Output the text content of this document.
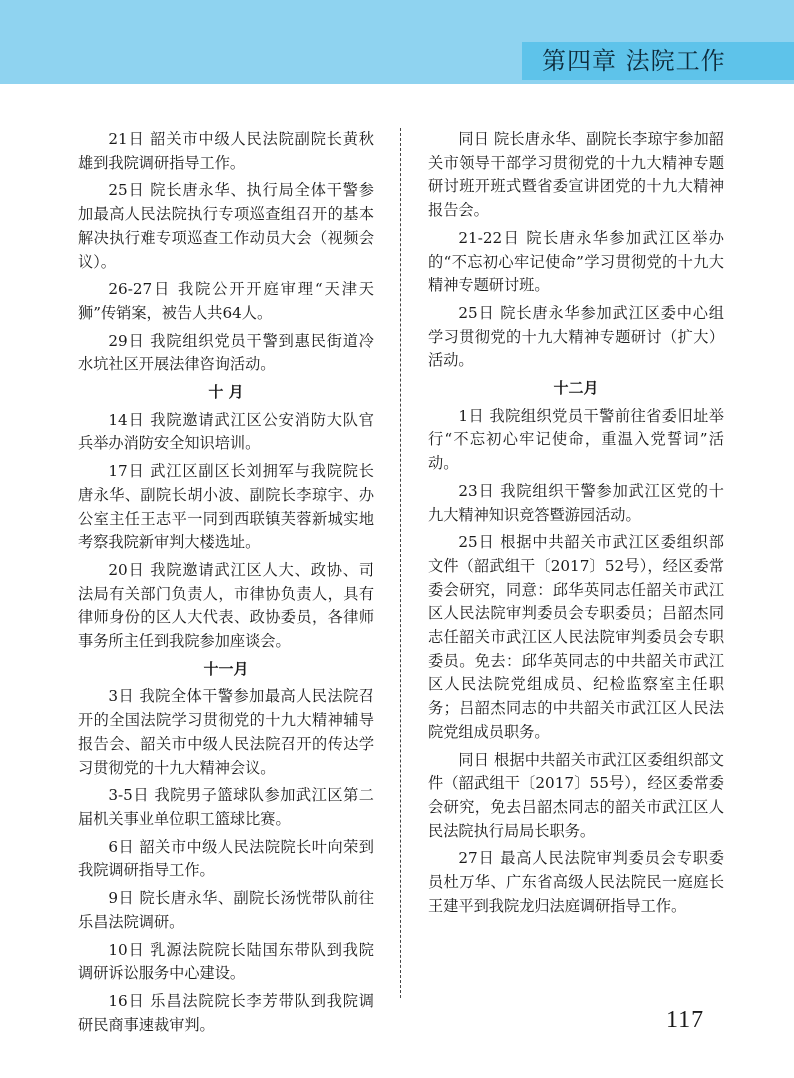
第四章 法院工作

21日 韶关市中级人民法院副院长黄秋雄到我院调研指导工作。

25日 院长唐永华、执行局全体干警参加最高人民法院执行专项巡查组召开的基本解决执行难专项巡查工作动员大会（视频会议）。

26-27日 我院公开开庭审理“天津天狮”传销案，被告人共64人。

29日 我院组织党员干警到惠民街道冷水坑社区开展法律咨询活动。

十 月

14日 我院邀请武江区公安消防大队官兵举办消防安全知识培训。

17日 武江区副区长刘拥军与我院院长唐永华、副院长胡小波、副院长李琼宇、办公室主任王志平一同到西联镇芙蓉新城实地考察我院新审判大楼选址。

20日 我院邀请武江区人大、政协、司法局有关部门负责人，市律协负责人，具有律师身份的区人大代表、政协委员，各律师事务所主任到我院参加座谈会。

十一月

3日 我院全体干警参加最高人民法院召开的全国法院学习贯彻党的十九大精神辅导报告会、韶关市中级人民法院召开的传达学习贯彻党的十九大精神会议。

3-5日 我院男子篮球队参加武江区第二届机关事业单位职工篮球比赛。

6日 韶关市中级人民法院院长叶向荣到我院调研指导工作。

9日 院长唐永华、副院长汤恍带队前往乐昌法院调研。

10日 乳源法院院长陆国东带队到我院调研诉讼服务中心建设。

16日 乐昌法院院长李芳带队到我院调研民商事速裁审判。

同日 院长唐永华、副院长李琼宇参加韶关市领导干部学习贯彻党的十九大精神专题研讨班开班式暨省委宣讲团党的十九大精神报告会。

21-22日 院长唐永华参加武江区举办的“不忘初心牢记使命”学习贯彻党的十九大精神专题研讨班。

25日 院长唐永华参加武江区委中心组学习贯彻党的十九大精神专题研讨（扩大）活动。

十二月

1日 我院组织党员干警前往省委旧址举行“不忘初心牢记使命，重温入党誓词”活动。

23日 我院组织干警参加武江区党的十九大精神知识竞答暨游园活动。

25日 根据中共韶关市武江区委组织部文件（韶武组干〔2017〕52号），经区委常委会研究，同意：邱华英同志任韶关市武江区人民法院审判委员会专职委员；吕韶杰同志任韶关市武江区人民法院审判委员会专职委员。免去：邱华英同志的中共韶关市武江区人民法院党组成员、纪检监察室主任职务；吕韶杰同志的中共韶关市武江区人民法院党组成员职务。

同日 根据中共韶关市武江区委组织部文件（韶武组干〔2017〕55号），经区委常委会研究，免去吕韶杰同志的韶关市武江区人民法院执行局局长职务。

27日 最高人民法院审判委员会专职委员杜万华、广东省高级人民法院民一庭庭长王建平到我院龙归法庭调研指导工作。

117
